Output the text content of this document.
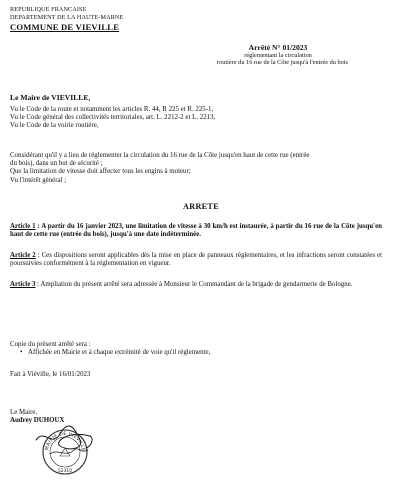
REPUBLIQUE FRANCAISE
DEPARTEMENT DE LA HAUTE-MARNE
COMMUNE DE VIEVILLE
Arrêté N° 01/2023
réglementant la circulation
routière du 16 rue de la Côte jusqu'à l'entrée du bois
Le Maire de VIEVILLE,

Vu le Code de la route et notamment les articles R. 44, R 225 et R. 225-1,

Vu le Code général des collectivités territoriales, art. L. 2212-2 et L. 2213,

Vu le Code de la voirie routière,

Considérant qu'il y a lieu de réglementer la circulation du 16 rue de la Côte jusqu'en haut de cette rue (entrée

du bois), dans un but de sécurité ;

Que la limitation de vitesse doit affecter tous les engins à moteur;

Vu l'intérêt général ;

ARRETE
Article 1 : A partir du 16 janvier 2023, une limitation de vitesse à 30 km/h est instaurée, à partir du 16 rue de la Côte jusqu'en haut de cette rue (entrée du bois), jusqu'à une date indéterminée.
Article 2 : Ces dispositions seront applicables dès la mise en place de panneaux réglementaires, et les infractions seront constatées et poursuivies conformément à la réglementation en vigueur.
Article 3 : Ampliation du présent arrêté sera adressée à Monsieur le Commandant de la brigade de gendarmerie de Bologne.
Copie du présent arrêté sera :
• Affichée en Mairie et à chaque extrémité de voie qu'il réglemente,
Fait à Viéville, le 16/01/2023
Le Maire,
Audrey DUHOUX
MAIRIE DE VIEVILLE
52310
